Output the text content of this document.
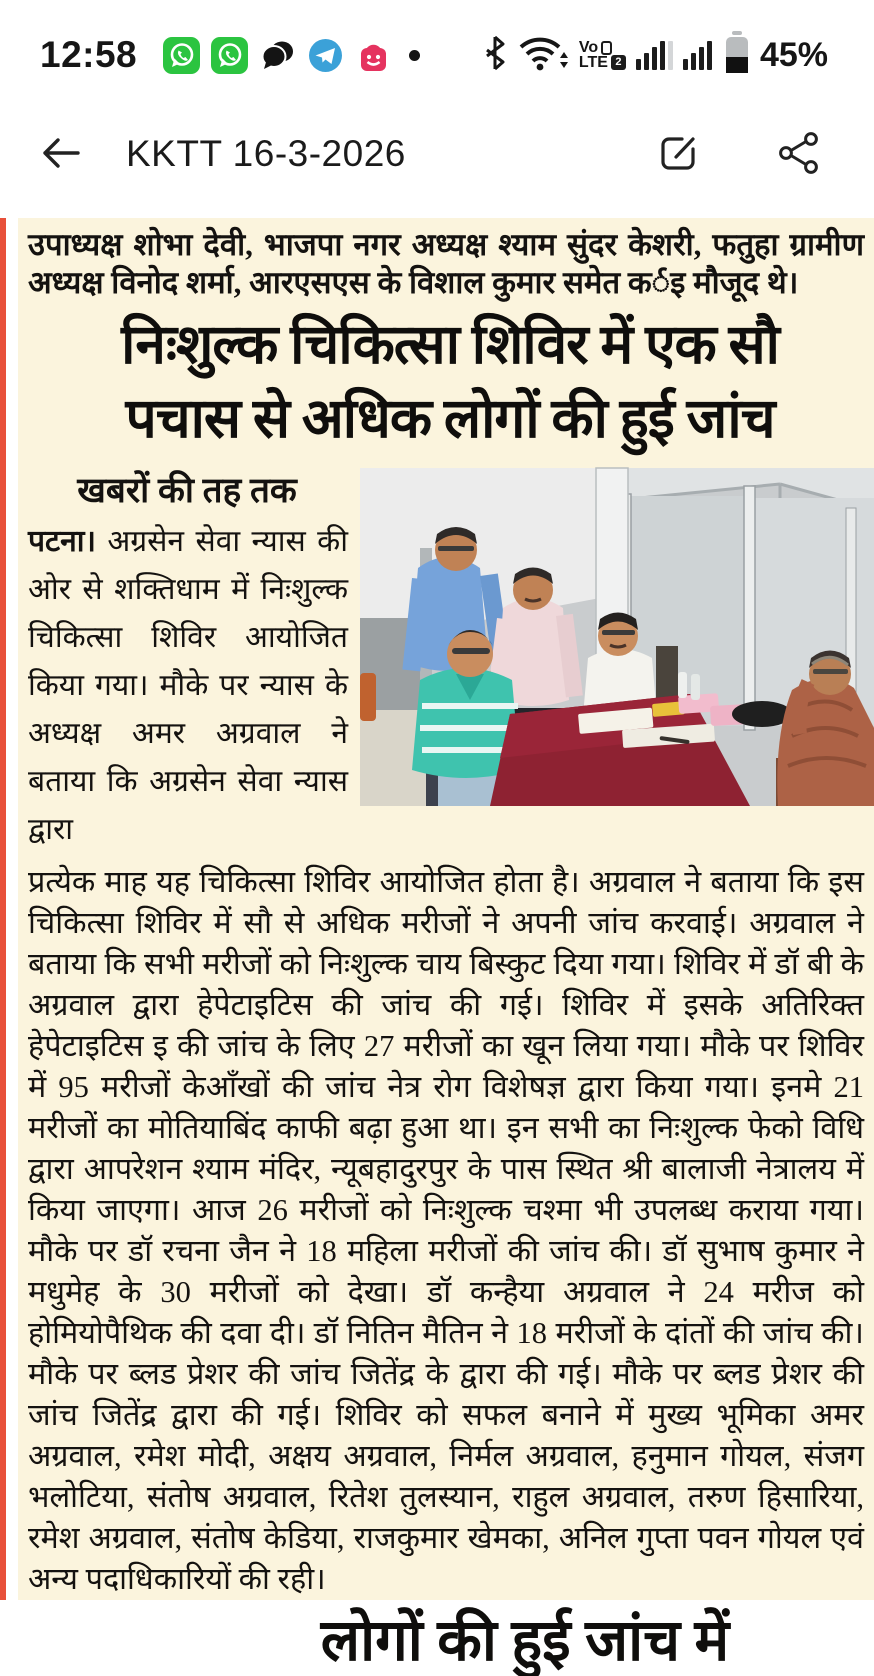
12:58	Vo
LTE 2	45%
KKTT 16-3-2026

उपाध्यक्ष शोभा देवी, भाजपा नगर अध्यक्ष श्याम सुंदर केशरी, फतुहा ग्रामीण अध्यक्ष विनोद शर्मा, आरएसएस के विशाल कुमार समेत कर्इ मौजूद थे।

निःशुल्क चिकित्सा शिविर में एक सौ
पचास से अधिक लोगों की हुई जांच
खबरों की तह तक

पटना। अग्रसेन सेवा न्यास की ओर से शक्तिधाम में निःशुल्क चिकित्सा शिविर आयोजित किया गया। मौके पर न्यास के अध्यक्ष अमर अग्रवाल ने बताया कि अग्रसेन सेवा न्यास द्वारा

प्रत्येक माह यह चिकित्सा शिविर आयोजित होता है। अग्रवाल ने बताया कि इस चिकित्सा शिविर में सौ से अधिक मरीजों ने अपनी जांच करवाई। अग्रवाल ने बताया कि सभी मरीजों को निःशुल्क चाय बिस्कुट दिया गया। शिविर में डॉ बी के अग्रवाल द्वारा हेपेटाइटिस की जांच की गई। शिविर में इसके अतिरिक्त हेपेटाइटिस इ की जांच के लिए 27 मरीजों का खून लिया गया। मौके पर शिविर में 95 मरीजों केआँखों की जांच नेत्र रोग विशेषज्ञ द्वारा किया गया। इनमे 21 मरीजों का मोतियाबिंद काफी बढ़ा हुआ था। इन सभी का निःशुल्क फेको विधि द्वारा आपरेशन श्याम मंदिर, न्यूबहादुरपुर के पास स्थित श्री बालाजी नेत्रालय में किया जाएगा। आज 26 मरीजों को निःशुल्क चश्मा भी उपलब्ध कराया गया। मौके पर डॉ रचना जैन ने 18 महिला मरीजों की जांच की। डॉ सुभाष कुमार ने मधुमेह के 30 मरीजों को देखा। डॉ कन्हैया अग्रवाल ने 24 मरीज को होमियोपैथिक की दवा दी। डॉ नितिन मैतिन ने 18 मरीजों के दांतों की जांच की। मौके पर ब्लड प्रेशर की जांच जितेंद्र के द्वारा की गई। मौके पर ब्लड प्रेशर की जांच जितेंद्र द्वारा की गई। शिविर को सफल बनाने में मुख्य भूमिका अमर अग्रवाल, रमेश मोदी, अक्षय अग्रवाल, निर्मल अग्रवाल, हनुमान गोयल, संजग भलोटिया, संतोष अग्रवाल, रितेश तुलस्यान, राहुल अग्रवाल, तरुण हिसारिया, रमेश अग्रवाल, संतोष केडिया, राजकुमार खेमका, अनिल गुप्ता पवन गोयल एवं अन्य पदाधिकारियों की रही।

लोगों की हुई जांच में
